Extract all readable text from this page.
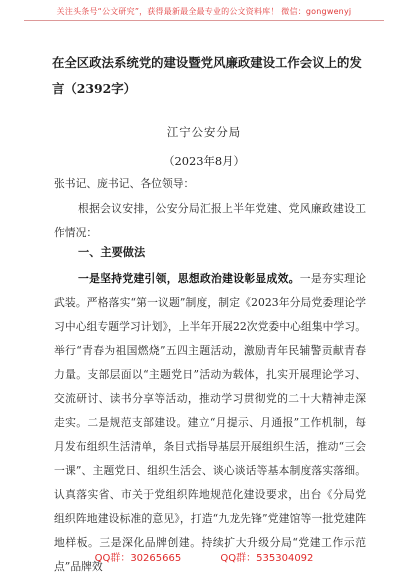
关注头条号“公文研究”，获得最新最全最专业的公文资料库！ 微信：gongwenyj
在全区政法系统党的建设暨党风廉政建设工作会议上的发言（2392字）
江宁公安分局
（2023年8月）

张书记、庞书记、各位领导：

根据会议安排，公安分局汇报上半年党建、党风廉政建设工作情况：

一、主要做法

一是坚持党建引领，思想政治建设彰显成效。一是夯实理论武装。严格落实“第一议题”制度，制定《2023年分局党委理论学习中心组专题学习计划》，上半年开展22次党委中心组集中学习。举行“青春为祖国燃烧”五四主题活动，激励青年民辅警贡献青春力量。支部层面以“主题党日”活动为载体，扎实开展理论学习、交流研讨、读书分享等活动，推动学习贯彻党的二十大精神走深走实。二是规范支部建设。建立“月提示、月通报”工作机制，每月发布组织生活清单，条目式指导基层开展组织生活，推动“三会一课”、主题党日、组织生活会、谈心谈话等基本制度落实落细。认真落实省、市关于党组织阵地规范化建设要求，出台《分局党组织阵地建设标准的意见》，打造“九龙先锋”党建馆等一批党建阵地样板。三是深化品牌创建。持续扩大升级分局“党建工作示范点”品牌效

QQ群：30265665	QQ群：535304092
